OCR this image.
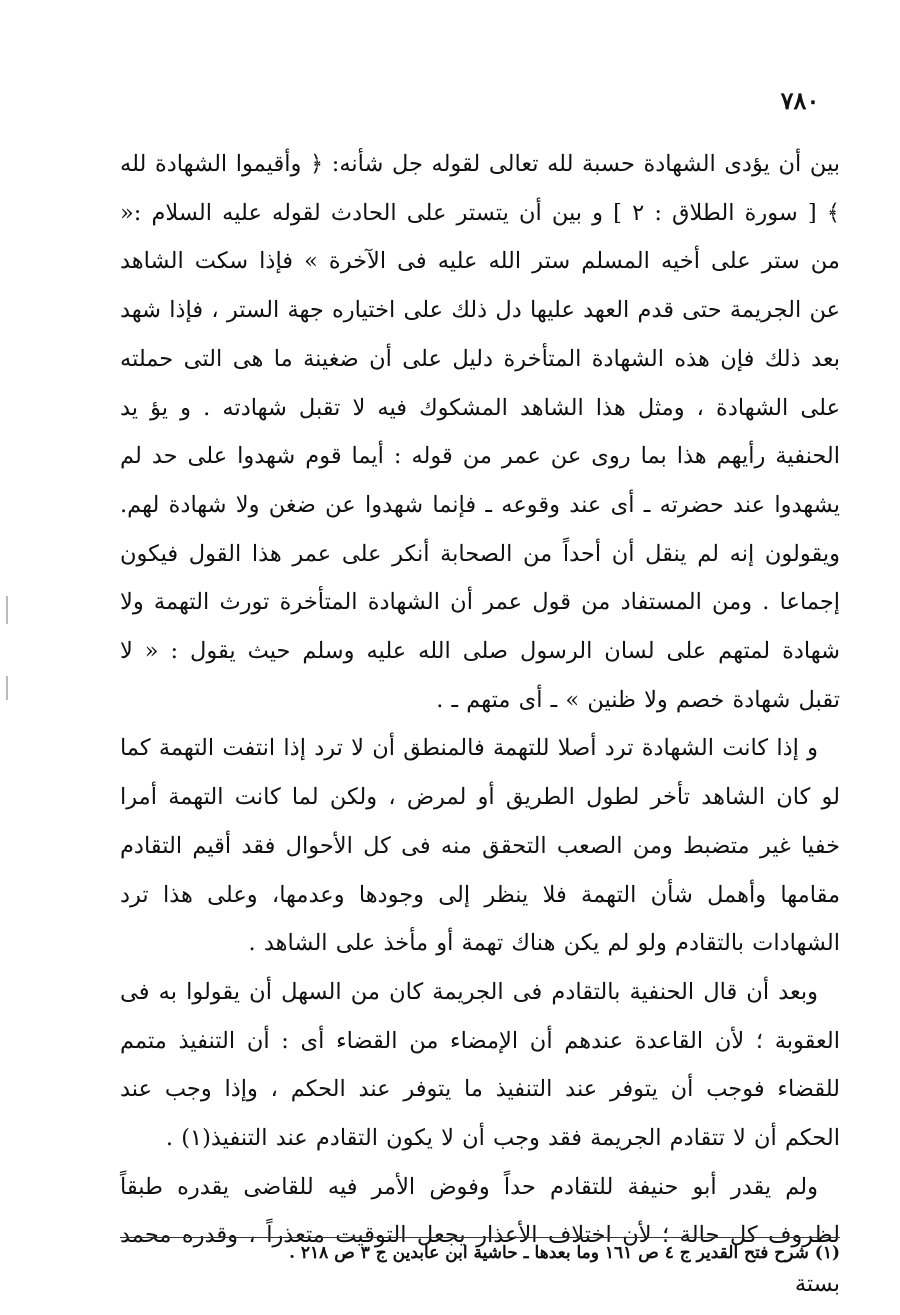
٧٨٠

بين أن يؤدى الشهادة حسبة لله تعالى لقوله جل شأنه: ﴿ وأقيموا الشهادة لله ﴾ [ سورة الطلاق : ٢ ] و بين أن يتستر على الحادث لقوله عليه السلام :« من ستر على أخيه المسلم ستر الله عليه فى الآخرة » فإذا سكت الشاهد عن الجريمة حتى قدم العهد عليها دل ذلك على اختياره جهة الستر ، فإذا شهد بعد ذلك فإن هذه الشهادة المتأخرة دليل على أن ضغينة ما هى التى حملته على الشهادة ، ومثل هذا الشاهد المشكوك فيه لا تقبل شهادته . و يؤ يد الحنفية رأيهم هذا بما روى عن عمر من قوله : أيما قوم شهدوا على حد لم يشهدوا عند حضرته ـ أى عند وقوعه ـ فإنما شهدوا عن ضغن ولا شهادة لهم. ويقولون إنه لم ينقل أن أحداً من الصحابة أنكر على عمر هذا القول فيكون إجماعا . ومن المستفاد من قول عمر أن الشهادة المتأخرة تورث التهمة ولا شهادة لمتهم على لسان الرسول صلى الله عليه وسلم حيث يقول : « لا تقبل شهادة خصم ولا ظنين » ـ أى متهم ـ .

و إذا كانت الشهادة ترد أصلا للتهمة فالمنطق أن لا ترد إذا انتفت التهمة كما لو كان الشاهد تأخر لطول الطريق أو لمرض ، ولكن لما كانت التهمة أمرا خفيا غير متضبط ومن الصعب التحقق منه فى كل الأحوال فقد أقيم التقادم مقامها وأهمل شأن التهمة فلا ينظر إلى وجودها وعدمها، وعلى هذا ترد الشهادات بالتقادم ولو لم يكن هناك تهمة أو مأخذ على الشاهد .

وبعد أن قال الحنفية بالتقادم فى الجريمة كان من السهل أن يقولوا به فى العقوبة ؛ لأن القاعدة عندهم أن الإمضاء من القضاء أى : أن التنفيذ متمم للقضاء فوجب أن يتوفر عند التنفيذ ما يتوفر عند الحكم ، وإذا وجب عند الحكم أن لا تتقادم الجريمة فقد وجب أن لا يكون التقادم عند التنفيذ(١) .

ولم يقدر أبو حنيفة للتقادم حداً وفوض الأمر فيه للقاضى يقدره طبقاً لظروف كل حالة ؛ لأن اختلاف الأعذار يجعل التوقيت متعذراً ، وقدره محمد بستة

(١) شرح فتح القدير ج ٤ ص ١٦١ وما بعدها ـ حاشية ابن عابدين ج ٣ ص ٢١٨ .
